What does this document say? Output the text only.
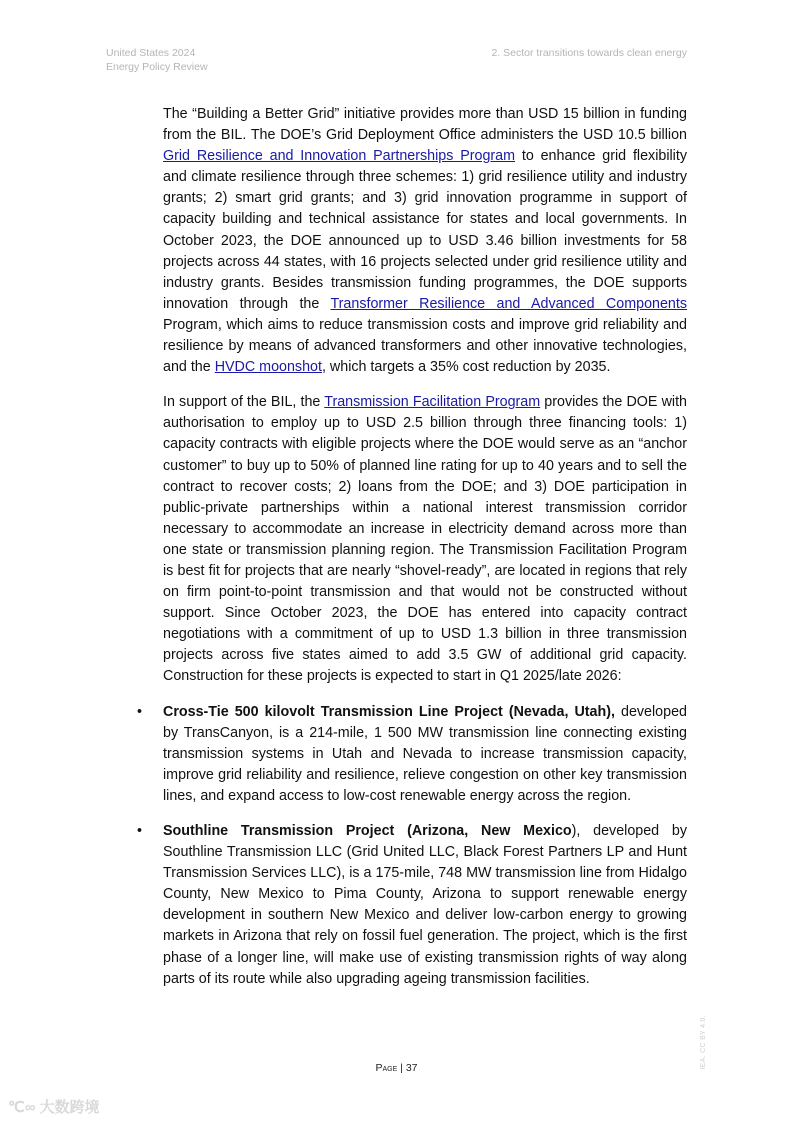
United States 2024
Energy Policy Review
2. Sector transitions towards clean energy

The “Building a Better Grid” initiative provides more than USD 15 billion in funding from the BIL. The DOE’s Grid Deployment Office administers the USD 10.5 billion Grid Resilience and Innovation Partnerships Program to enhance grid flexibility and climate resilience through three schemes: 1) grid resilience utility and industry grants; 2) smart grid grants; and 3) grid innovation programme in support of capacity building and technical assistance for states and local governments. In October 2023, the DOE announced up to USD 3.46 billion investments for 58 projects across 44 states, with 16 projects selected under grid resilience utility and industry grants. Besides transmission funding programmes, the DOE supports innovation through the Transformer Resilience and Advanced Components Program, which aims to reduce transmission costs and improve grid reliability and resilience by means of advanced transformers and other innovative technologies, and the HVDC moonshot, which targets a 35% cost reduction by 2035.

In support of the BIL, the Transmission Facilitation Program provides the DOE with authorisation to employ up to USD 2.5 billion through three financing tools: 1) capacity contracts with eligible projects where the DOE would serve as an “anchor customer” to buy up to 50% of planned line rating for up to 40 years and to sell the contract to recover costs; 2) loans from the DOE; and 3) DOE participation in public-private partnerships within a national interest transmission corridor necessary to accommodate an increase in electricity demand across more than one state or transmission planning region. The Transmission Facilitation Program is best fit for projects that are nearly “shovel-ready”, are located in regions that rely on firm point-to-point transmission and that would not be constructed without support. Since October 2023, the DOE has entered into capacity contract negotiations with a commitment of up to USD 1.3 billion in three transmission projects across five states aimed to add 3.5 GW of additional grid capacity. Construction for these projects is expected to start in Q1 2025/late 2026:

• Cross-Tie 500 kilovolt Transmission Line Project (Nevada, Utah), developed by TransCanyon, is a 214-mile, 1 500 MW transmission line connecting existing transmission systems in Utah and Nevada to increase transmission capacity, improve grid reliability and resilience, relieve congestion on other key transmission lines, and expand access to low-cost renewable energy across the region.
• Southline Transmission Project (Arizona, New Mexico), developed by Southline Transmission LLC (Grid United LLC, Black Forest Partners LP and Hunt Transmission Services LLC), is a 175-mile, 748 MW transmission line from Hidalgo County, New Mexico to Pima County, Arizona to support renewable energy development in southern New Mexico and deliver low-carbon energy to growing markets in Arizona that rely on fossil fuel generation. The project, which is the first phase of a longer line, will make use of existing transmission rights of way along parts of its route while also upgrading ageing transmission facilities.
Page | 37	IEA. CC BY 4.0.
℃∞ 大数跨境
